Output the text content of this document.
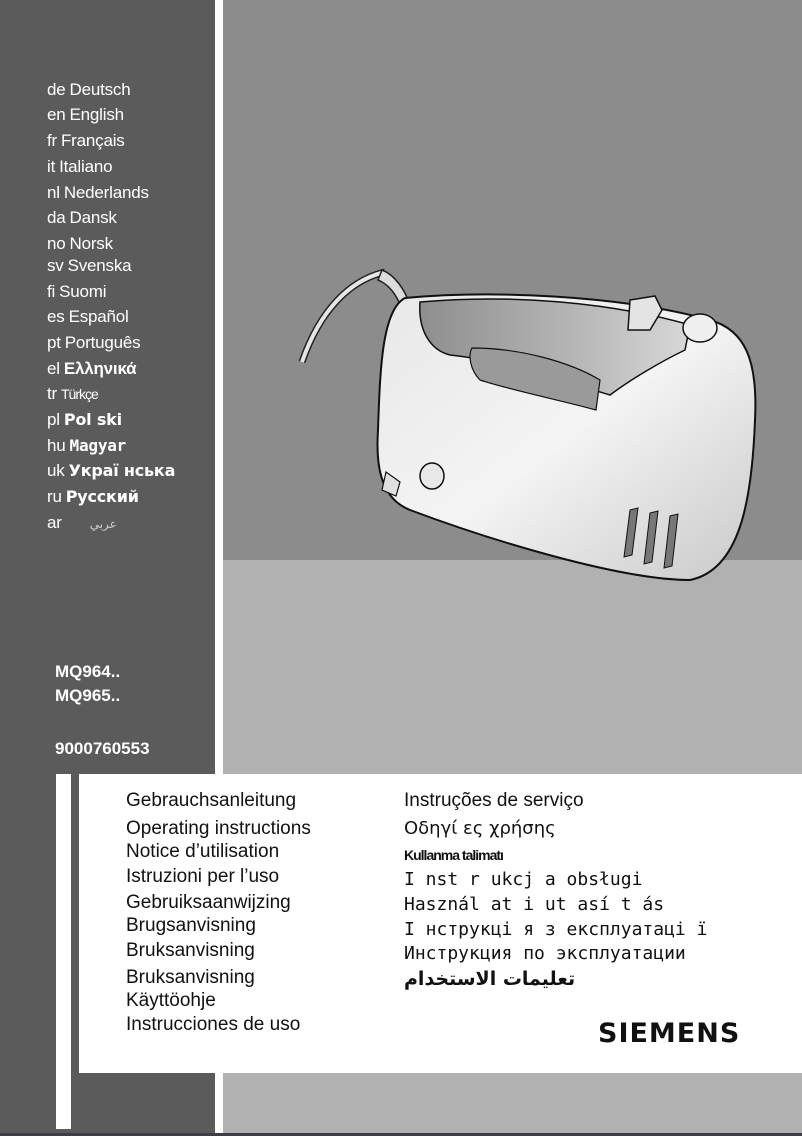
de Deutsch
en English
fr Français
it Italiano
nl Nederlands
da Dansk
no Norsk
sv Svenska
fi Suomi
es Español
pt Português
el Ελληνικά
tr Türkçe
pl Pol ski
hu Magyar
uk Украї нська
ru Русский
ar عربي
MQ964..
MQ965..
9000760553
Gebrauchsanleitung
Operating instructions
Notice d’utilisation
Istruzioni per l’uso
Gebruiksaanwijzing
Brugsanvisning
Bruksanvisning
Bruksanvisning
Käyttöohje
Instrucciones de uso
Instruções de serviço
Οδηγί ες χρήσης
Kullanma talimatı
I nst r ukcj a obsługi
Használ at i ut así t ás
І нструкці я з експлуатаці ї
Инструкция по эксплуатации
تعليمات الاستخدام
SIEMENS
